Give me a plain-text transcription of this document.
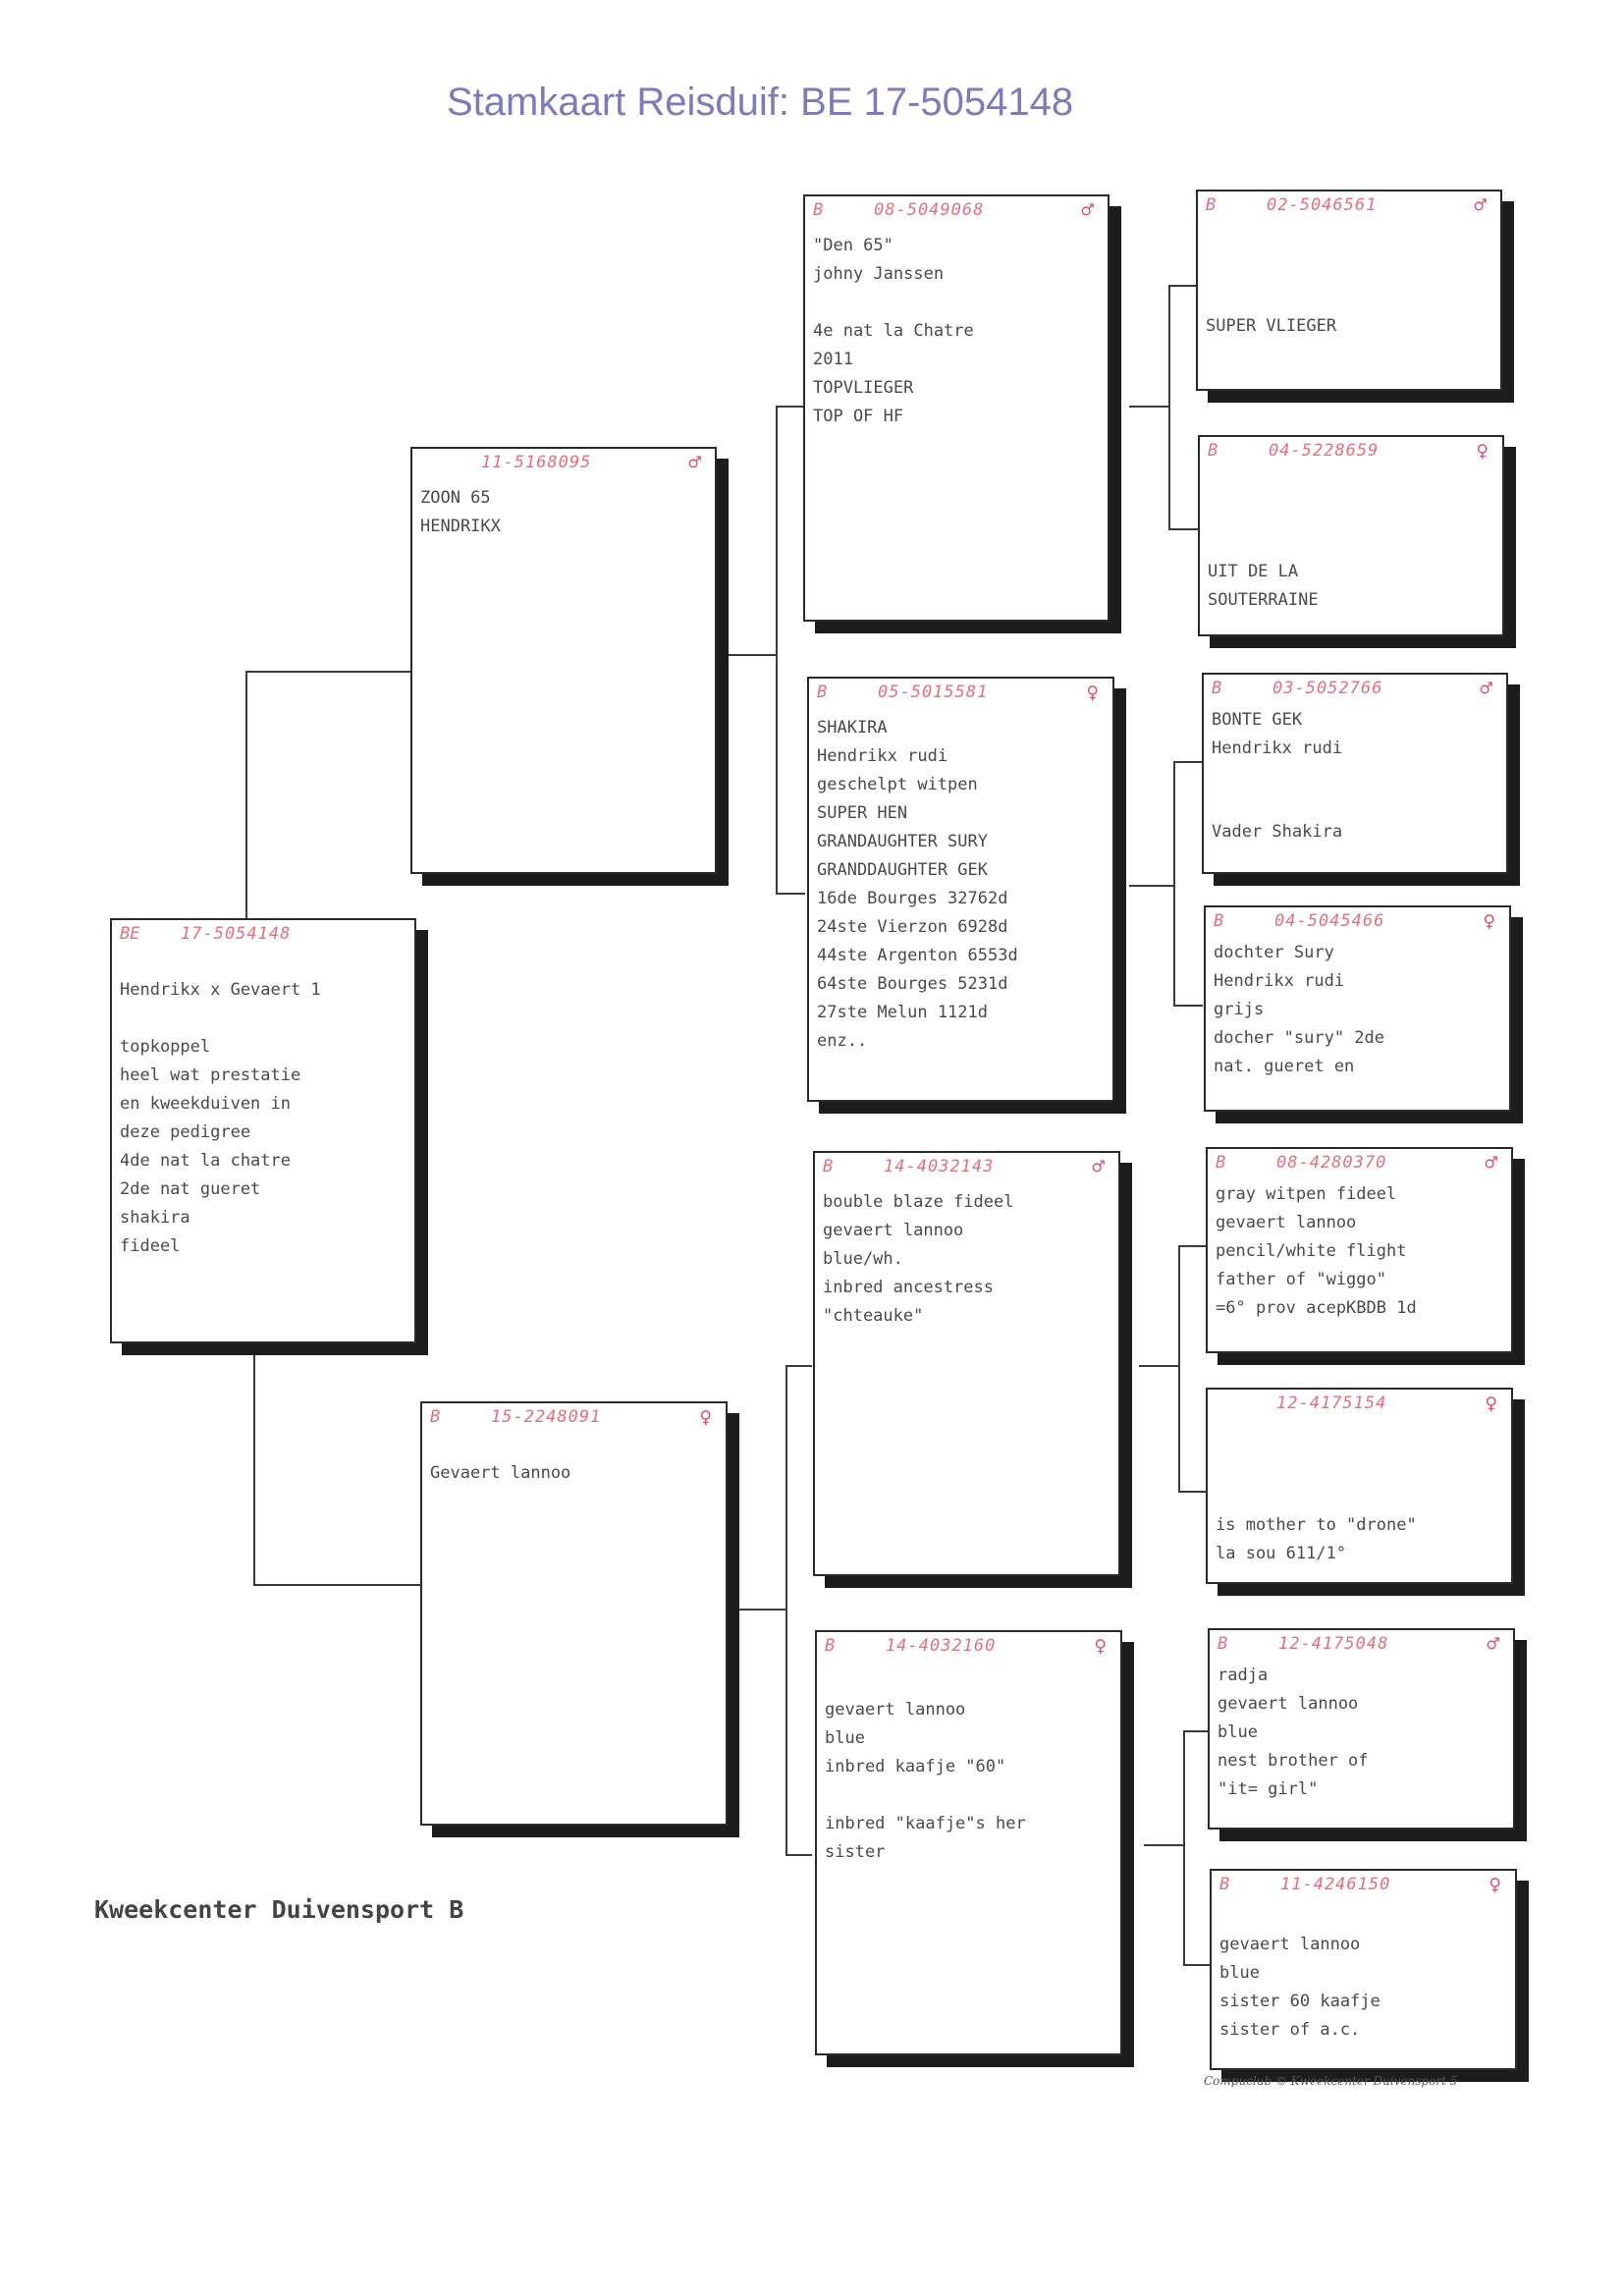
Stamkaart Reisduif: BE 17-5054148
BE 17-5054148
Hendrikx x Gevaert 1
topkoppel
heel wat prestatie
en kweekduiven in
deze pedigree
4de nat la chatre
2de nat gueret
shakira
fideel
11-5168095	♂
ZOON 65
HENDRIKX
B	15-2248091	♀
Gevaert lannoo
B	08-5049068	♂
"Den 65"
johny Janssen
4e nat la Chatre
2011
TOPVLIEGER
TOP OF HF
B	05-5015581	♀
SHAKIRA
Hendrikx rudi
geschelpt witpen
SUPER HEN
GRANDAUGHTER SURY
GRANDDAUGHTER GEK
16de Bourges 32762d
24ste Vierzon 6928d
44ste Argenton 6553d
64ste Bourges 5231d
27ste Melun 1121d
enz..
B	14-4032143	♂
bouble blaze fideel
gevaert lannoo
blue/wh.
inbred ancestress
"chteauke"
B	14-4032160	♀
gevaert lannoo
blue
inbred kaafje "60"
inbred "kaafje"s her
sister
B	02-5046561	♂
SUPER VLIEGER
B	04-5228659	♀
UIT DE LA
SOUTERRAINE
B	03-5052766	♂
BONTE GEK
Hendrikx rudi
Vader Shakira
B	04-5045466	♀
dochter Sury
Hendrikx rudi
grijs
docher "sury" 2de
nat. gueret en
B	08-4280370	♂
gray witpen fideel
gevaert lannoo
pencil/white flight
father of "wiggo"
=6° prov acepKBDB 1d
12-4175154	♀
is mother to "drone"
la sou 611/1°
B	12-4175048	♂
radja
gevaert lannoo
blue
nest brother of
"it= girl"
B	11-4246150	♀
gevaert lannoo
blue
sister 60 kaafje
sister of a.c.
Kweekcenter Duivensport B
Compuclub © Kweekcenter Duivensport 5
